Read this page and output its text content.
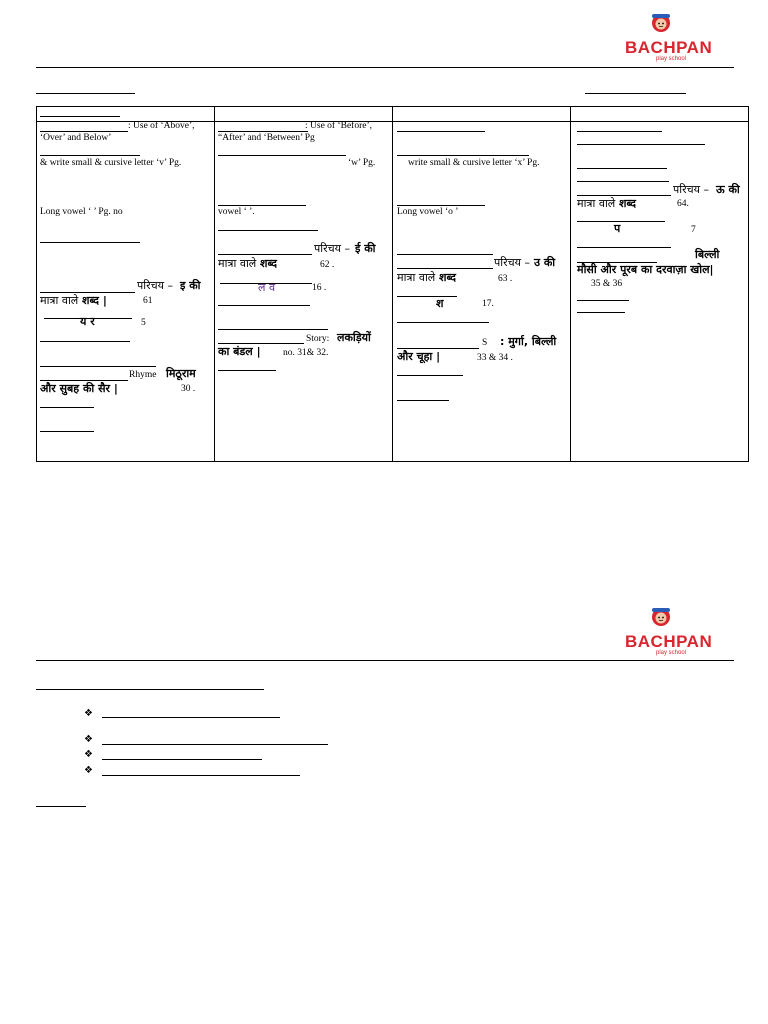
BACHPAN
play school
–
: Use of ‘Above’,
‘Over’ and Below’
& write small & cursive letter ‘v’ Pg.
Long vowel ‘ ’ Pg. no
परिचय – इ की
मात्रा वाले शब्द |	61
य र	5
Rhyme मिठूराम
और सुबह की सैर |	30 .
: Use of ‘Before’,
“After’ and ‘Between’ Pg
‘w’ Pg.
vowel ‘ ’.
परिचय – ई की
मात्रा वाले शब्द	62 .
ल व	16 .
Story: लकड़ियों
का बंडल | no. 31& 32.
write small & cursive letter ‘x’ Pg.
Long vowel ‘o ’
परिचय – उ की
मात्रा वाले शब्द	63 .
श	17.
S : मुर्गा, बिल्ली
और चूहा |	33 & 34 .
परिचय – ऊ की
मात्रा वाले शब्द	64.
प	7
बिल्ली
मौसी और पूरब का दरवाज़ा खोल|
35 & 36
BACHPAN
play school
❖
❖
❖
❖
